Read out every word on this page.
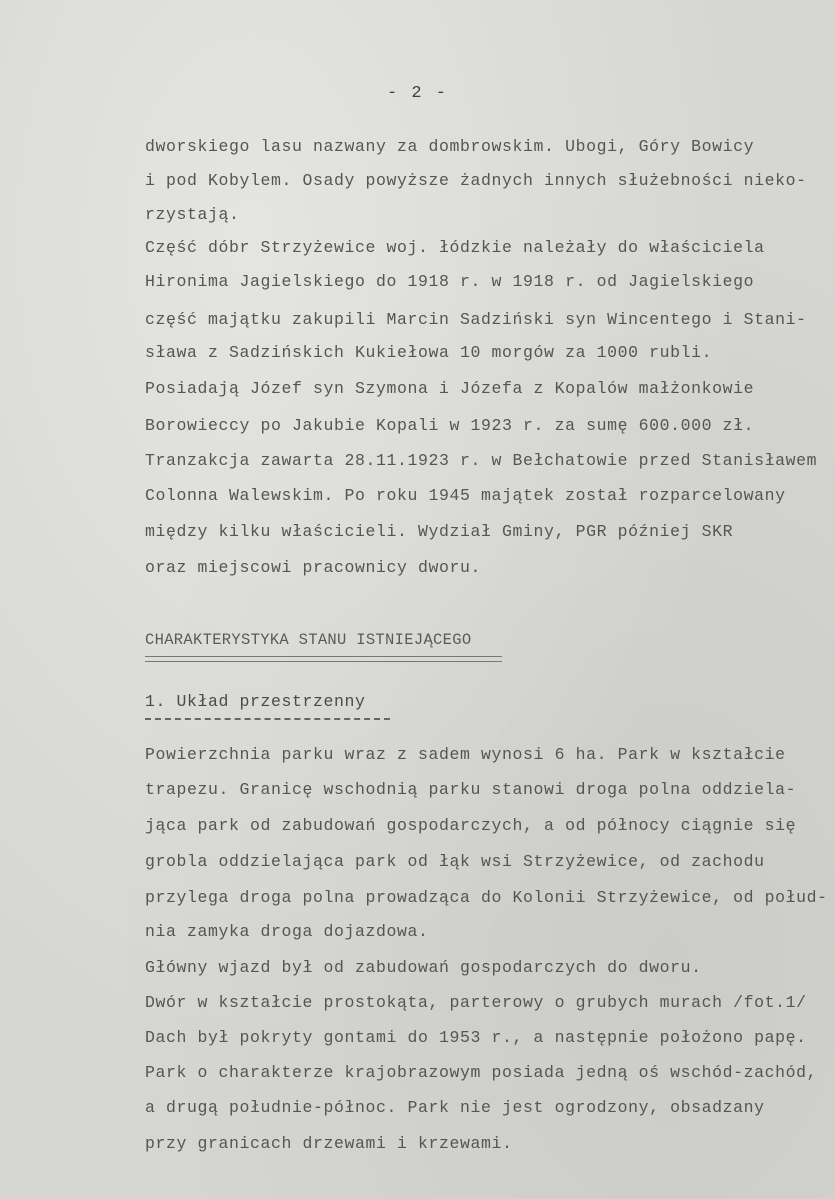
- 2 -
dworskiego lasu nazwany za dombrowskim. Ubogi, Góry Bowicy
i pod Kobylem. Osady powyższe żadnych innych służebności nieko-
rzystają.
Część dóbr Strzyżewice woj. łódzkie należały do właściciela
Hironima Jagielskiego do 1918 r. w 1918 r. od Jagielskiego
część majątku zakupili Marcin Sadziński syn Wincentego i Stani-
sława z Sadzińskich Kukiełowa 10 morgów za 1000 rubli.
Posiadają Józef syn Szymona i Józefa z Kopalów małżonkowie
Borowieccy po Jakubie Kopali w 1923 r. za sumę 600.000 zł.
Tranzakcja zawarta 28.11.1923 r. w Bełchatowie przed Stanisławem
Colonna Walewskim. Po roku 1945 majątek został rozparcelowany
między kilku właścicieli. Wydział Gminy, PGR później SKR
oraz miejscowi pracownicy dworu.
CHARAKTERYSTYKA STANU ISTNIEJĄCEGO
1. Układ przestrzenny
Powierzchnia parku wraz z sadem wynosi 6 ha. Park w kształcie
trapezu. Granicę wschodnią parku stanowi droga polna oddziela-
jąca park od zabudowań gospodarczych, a od północy ciągnie się
grobla oddzielająca park od łąk wsi Strzyżewice, od zachodu
przylega droga polna prowadząca do Kolonii Strzyżewice, od połud-
nia zamyka droga dojazdowa.
Główny wjazd był od zabudowań gospodarczych do dworu.
Dwór w kształcie prostokąta, parterowy o grubych murach /fot.1/
Dach był pokryty gontami do 1953 r., a następnie położono papę.
Park o charakterze krajobrazowym posiada jedną oś wschód-zachód,
a drugą południe-północ. Park nie jest ogrodzony, obsadzany
przy granicach drzewami i krzewami.
